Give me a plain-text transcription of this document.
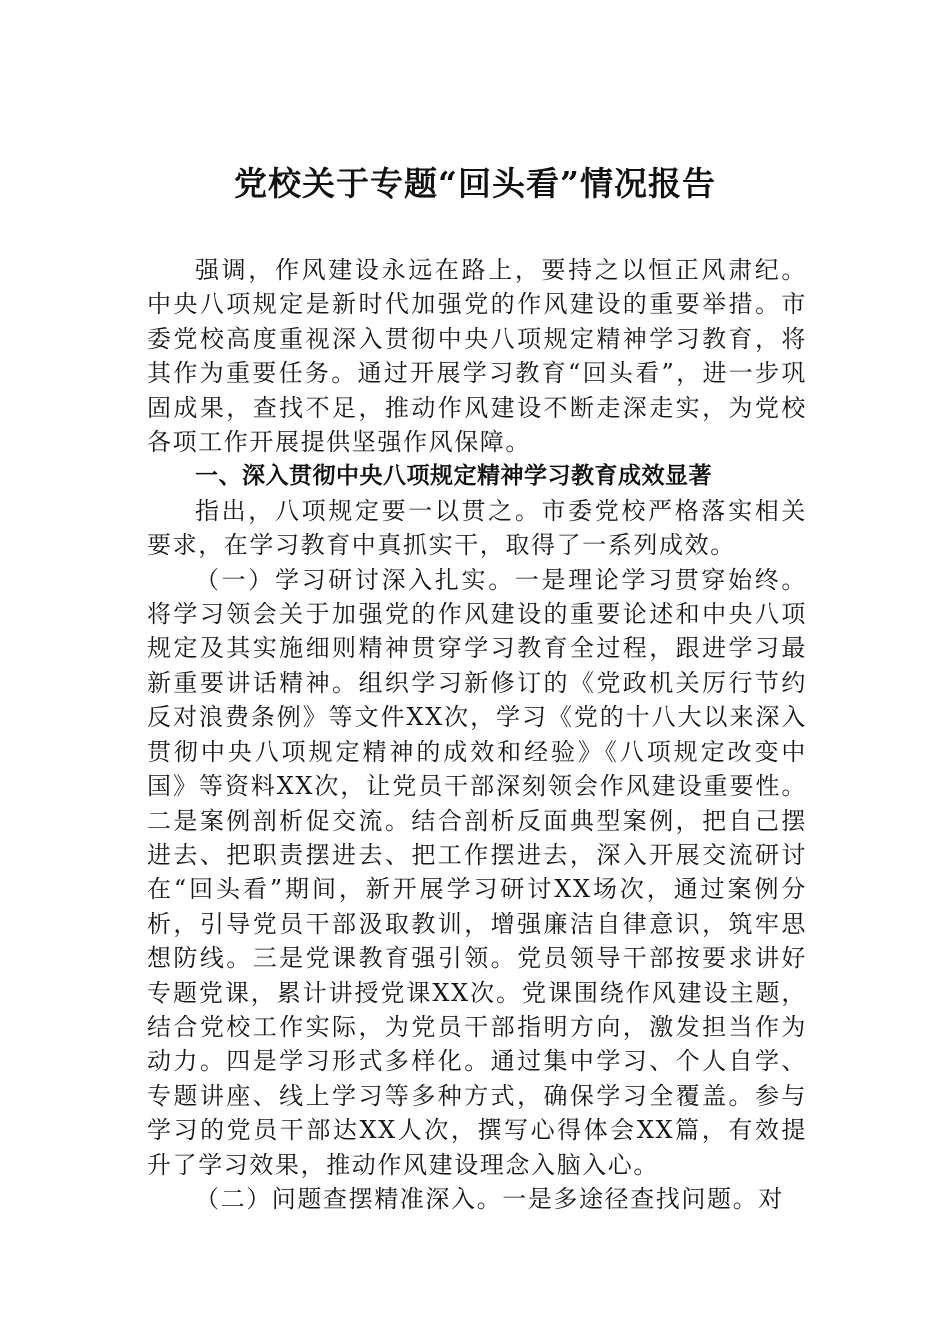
党校关于专题“回头看”情况报告

强调，作风建设永远在路上，要持之以恒正风肃纪。中央八项规定是新时代加强党的作风建设的重要举措。市委党校高度重视深入贯彻中央八项规定精神学习教育，将其作为重要任务。通过开展学习教育“回头看”，进一步巩固成果，查找不足，推动作风建设不断走深走实，为党校各项工作开展提供坚强作风保障。

一、深入贯彻中央八项规定精神学习教育成效显著

指出，八项规定要一以贯之。市委党校严格落实相关要求，在学习教育中真抓实干，取得了一系列成效。

（一）学习研讨深入扎实。一是理论学习贯穿始终。将学习领会关于加强党的作风建设的重要论述和中央八项规定及其实施细则精神贯穿学习教育全过程，跟进学习最新重要讲话精神。组织学习新修订的《党政机关厉行节约反对浪费条例》等文件XX次，学习《党的十八大以来深入贯彻中央八项规定精神的成效和经验》《八项规定改变中国》等资料XX次，让党员干部深刻领会作风建设重要性。二是案例剖析促交流。结合剖析反面典型案例，把自己摆进去、把职责摆进去、把工作摆进去，深入开展交流研讨在“回头看”期间，新开展学习研讨XX场次，通过案例分析，引导党员干部汲取教训，增强廉洁自律意识，筑牢思想防线。三是党课教育强引领。党员领导干部按要求讲好专题党课，累计讲授党课XX次。党课围绕作风建设主题，结合党校工作实际，为党员干部指明方向，激发担当作为动力。四是学习形式多样化。通过集中学习、个人自学、专题讲座、线上学习等多种方式，确保学习全覆盖。参与学习的党员干部达XX人次，撰写心得体会XX篇，有效提升了学习效果，推动作风建设理念入脑入心。

（二）问题查摆精准深入。一是多途径查找问题。对
